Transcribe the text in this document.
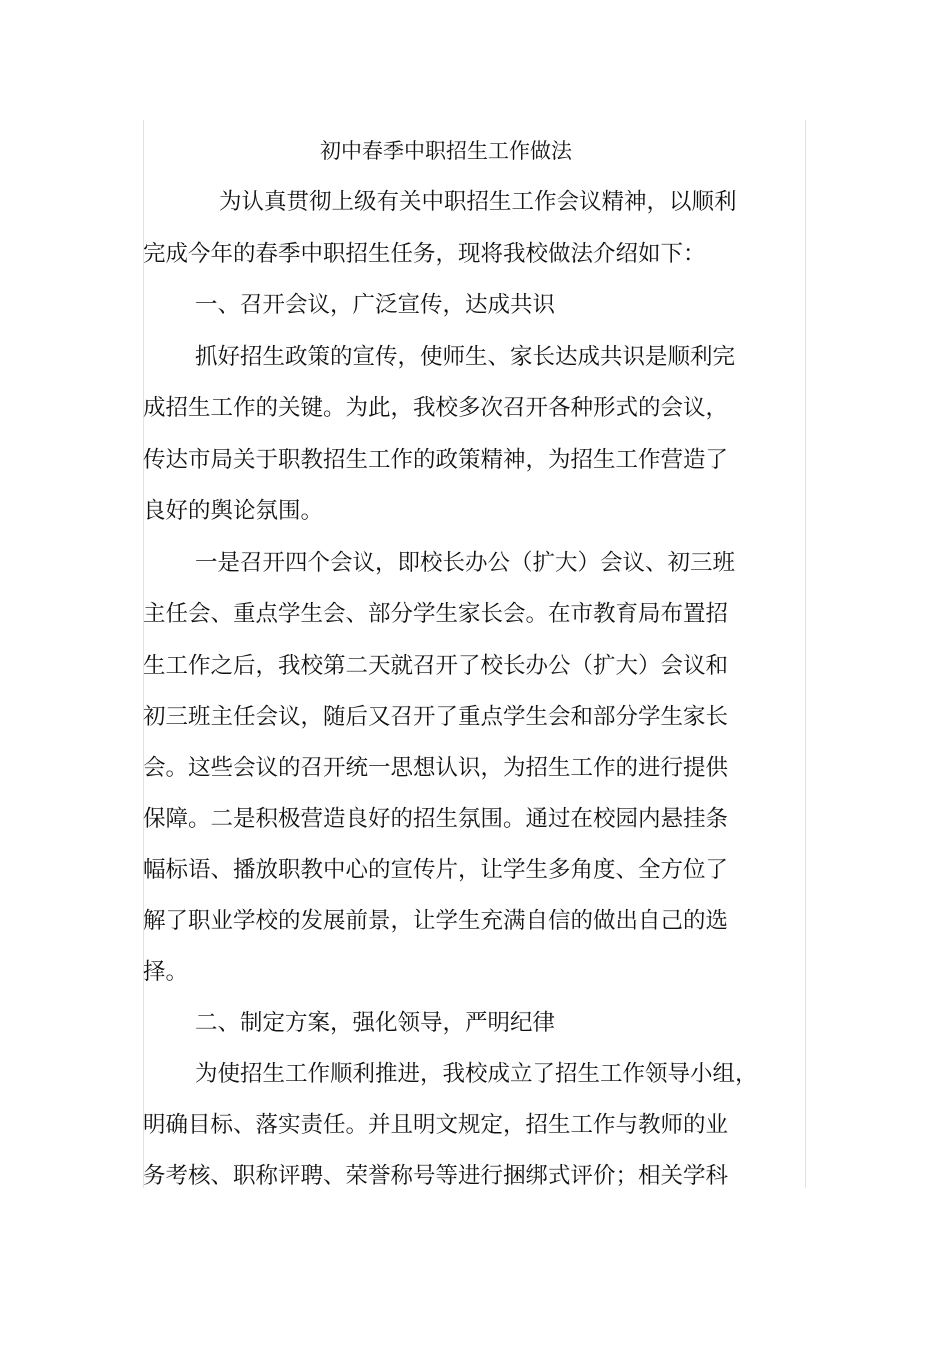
初中春季中职招生工作做法

为认真贯彻上级有关中职招生工作会议精神，以顺利

完成今年的春季中职招生任务，现将我校做法介绍如下：

一、召开会议，广泛宣传，达成共识

抓好招生政策的宣传，使师生、家长达成共识是顺利完

成招生工作的关键。为此，我校多次召开各种形式的会议，

传达市局关于职教招生工作的政策精神，为招生工作营造了

良好的舆论氛围。

一是召开四个会议，即校长办公（扩大）会议、初三班

主任会、重点学生会、部分学生家长会。在市教育局布置招

生工作之后，我校第二天就召开了校长办公（扩大）会议和

初三班主任会议，随后又召开了重点学生会和部分学生家长

会。这些会议的召开统一思想认识，为招生工作的进行提供

保障。二是积极营造良好的招生氛围。通过在校园内悬挂条

幅标语、播放职教中心的宣传片，让学生多角度、全方位了

解了职业学校的发展前景，让学生充满自信的做出自己的选

择。

二、制定方案，强化领导，严明纪律

为使招生工作顺利推进，我校成立了招生工作领导小组，

明确目标、落实责任。并且明文规定，招生工作与教师的业

务考核、职称评聘、荣誉称号等进行捆绑式评价；相关学科
